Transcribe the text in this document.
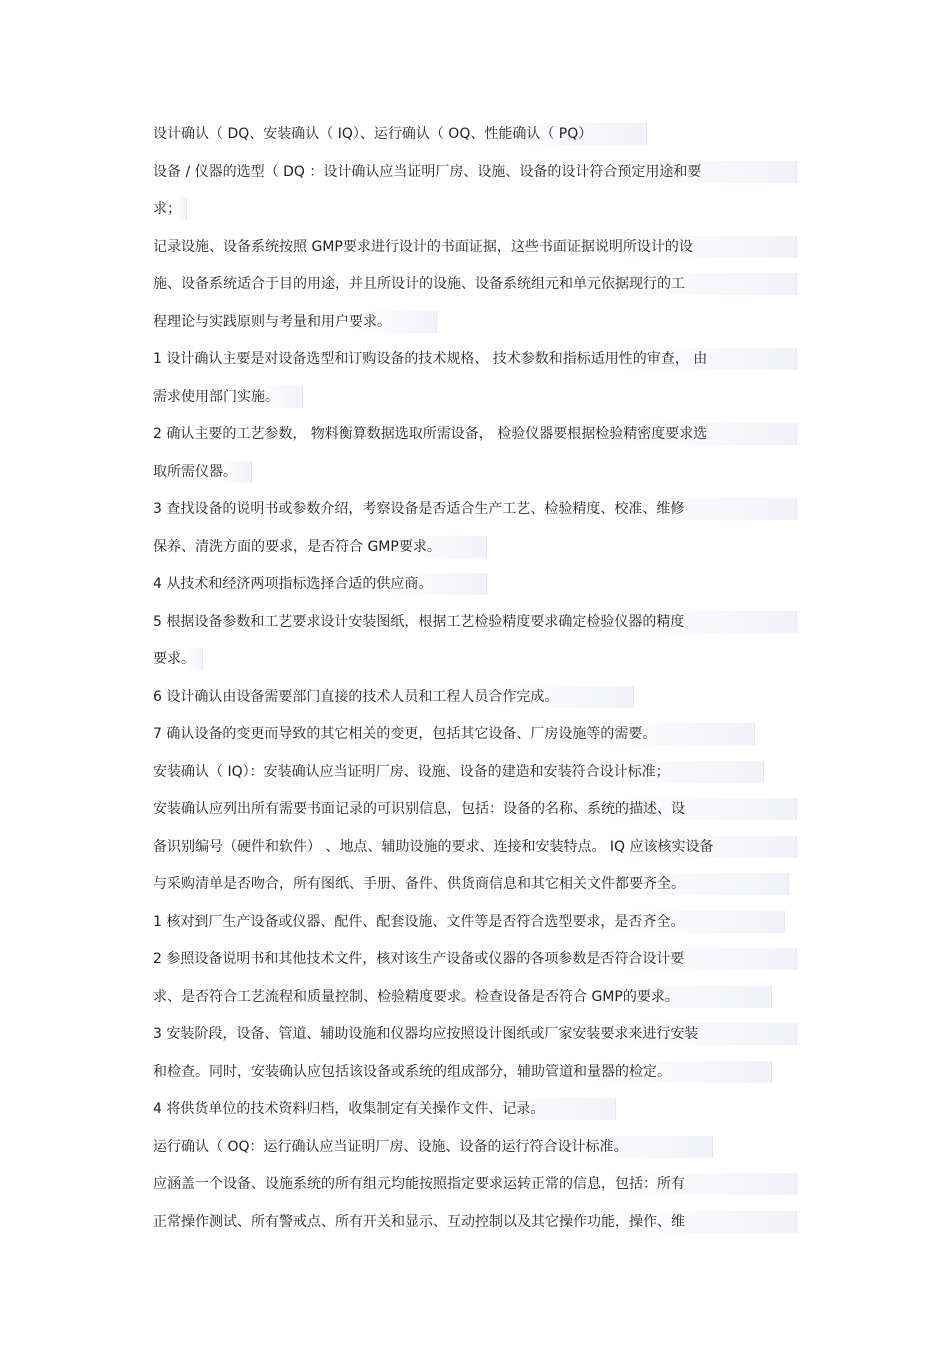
设计确认（ DQ、安装确认（ IQ）、运行确认（ OQ、性能确认（ PQ）
设备 / 仪器的选型（ DQ ：设计确认应当证明厂房、设施、设备的设计符合预定用途和要
求；
记录设施、设备系统按照 GMP要求进行设计的书面证据，这些书面证据说明所设计的设
施、设备系统适合于目的用途，并且所设计的设施、设备系统组元和单元依据现行的工
程理论与实践原则与考量和用户要求。
1 设计确认主要是对设备选型和订购设备的技术规格、 技术参数和指标适用性的审查， 由
需求使用部门实施。
2 确认主要的工艺参数， 物料衡算数据选取所需设备， 检验仪器要根据检验精密度要求选
取所需仪器。
3 查找设备的说明书或参数介绍，考察设备是否适合生产工艺、检验精度、校准、维修
保养、清洗方面的要求，是否符合 GMP要求。
4 从技术和经济两项指标选择合适的供应商。
5 根据设备参数和工艺要求设计安装图纸，根据工艺检验精度要求确定检验仪器的精度
要求。
6 设计确认由设备需要部门直接的技术人员和工程人员合作完成。
7 确认设备的变更而导致的其它相关的变更，包括其它设备、厂房设施等的需要。
安装确认（ IQ）：安装确认应当证明厂房、设施、设备的建造和安装符合设计标准；
安装确认应列出所有需要书面记录的可识别信息，包括：设备的名称、系统的描述、设
备识别编号（硬件和软件） 、地点、辅助设施的要求、连接和安装特点。 IQ 应该核实设备
与采购清单是否吻合，所有图纸、手册、备件、供货商信息和其它相关文件都要齐全。
1 核对到厂生产设备或仪器、配件、配套设施、文件等是否符合选型要求，是否齐全。
2 参照设备说明书和其他技术文件，核对该生产设备或仪器的各项参数是否符合设计要
求、是否符合工艺流程和质量控制、检验精度要求。检查设备是否符合 GMP的要求。
3 安装阶段，设备、管道、辅助设施和仪器均应按照设计图纸或厂家安装要求来进行安装
和检查。同时，安装确认应包括该设备或系统的组成部分，辅助管道和量器的检定。
4 将供货单位的技术资料归档，收集制定有关操作文件、记录。
运行确认（ OQ：运行确认应当证明厂房、设施、设备的运行符合设计标准。
应涵盖一个设备、设施系统的所有组元均能按照指定要求运转正常的信息，包括：所有
正常操作测试、所有警戒点、所有开关和显示、互动控制以及其它操作功能，操作、维
